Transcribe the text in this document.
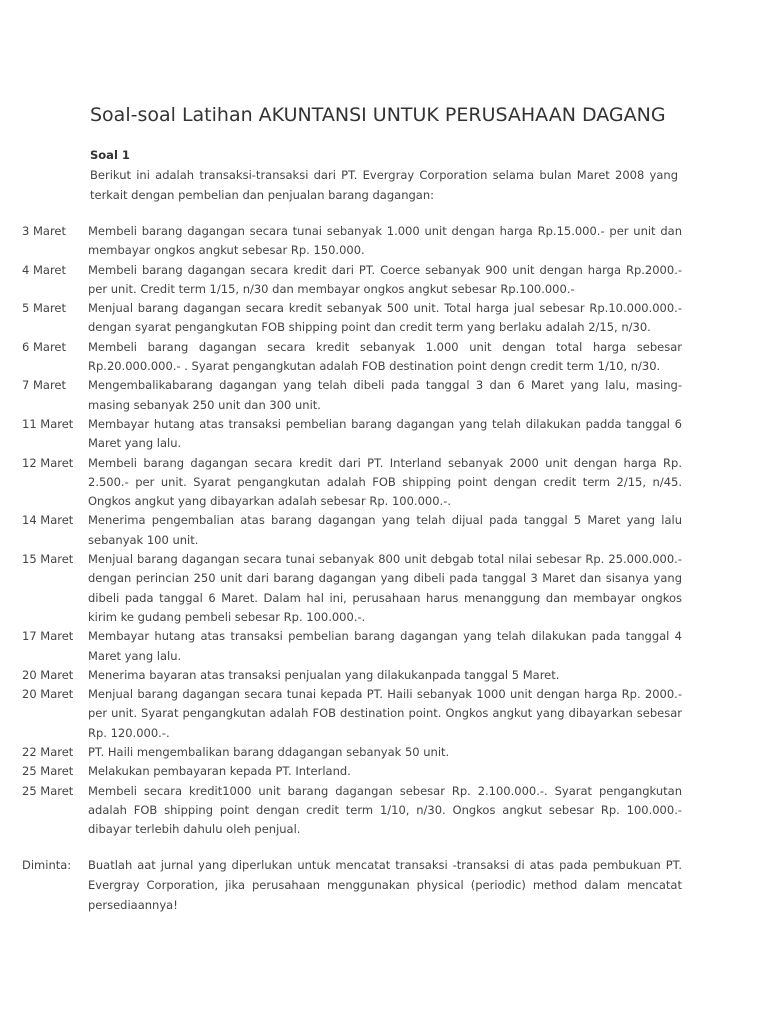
Soal-soal Latihan AKUNTANSI UNTUK PERUSAHAAN DAGANG
Soal 1
Berikut ini adalah transaksi-transaksi dari PT. Evergray Corporation selama bulan Maret 2008 yang terkait dengan pembelian dan penjualan barang dagangan:
3 Maret	Membeli barang dagangan secara tunai sebanyak 1.000 unit dengan harga Rp.15.000.- per unit dan membayar ongkos angkut sebesar Rp. 150.000.
4 Maret	Membeli barang dagangan secara kredit dari PT. Coerce sebanyak 900 unit dengan harga Rp.2000.- per unit. Credit term 1/15, n/30 dan membayar ongkos angkut sebesar Rp.100.000.-
5 Maret	Menjual barang dagangan secara kredit sebanyak 500 unit. Total harga jual sebesar Rp.10.000.000.- dengan syarat pengangkutan FOB shipping point dan credit term yang berlaku adalah 2/15, n/30.
6 Maret	Membeli barang dagangan secara kredit sebanyak 1.000 unit dengan total harga sebesar Rp.20.000.000.- . Syarat pengangkutan adalah FOB destination point dengn credit term 1/10, n/30.
7 Maret	Mengembalikabarang dagangan yang telah dibeli pada tanggal 3 dan 6 Maret yang lalu, masing-masing sebanyak 250 unit dan 300 unit.
11 Maret	Membayar hutang atas transaksi pembelian barang dagangan yang telah dilakukan padda tanggal 6 Maret yang lalu.
12 Maret	Membeli barang dagangan secara kredit dari PT. Interland sebanyak 2000 unit dengan harga Rp. 2.500.- per unit. Syarat pengangkutan adalah FOB shipping point dengan credit term 2/15, n/45. Ongkos angkut yang dibayarkan adalah sebesar Rp. 100.000.-.
14 Maret	Menerima pengembalian atas barang dagangan yang telah dijual pada tanggal 5 Maret yang lalu sebanyak 100 unit.
15 Maret	Menjual barang dagangan secara tunai sebanyak 800 unit debgab total nilai sebesar Rp. 25.000.000.- dengan perincian 250 unit dari barang dagangan yang dibeli pada tanggal 3 Maret dan sisanya yang dibeli pada tanggal 6 Maret. Dalam hal ini, perusahaan harus menanggung dan membayar ongkos kirim ke gudang pembeli sebesar Rp. 100.000.-.
17 Maret	Membayar hutang atas transaksi pembelian barang dagangan yang telah dilakukan pada tanggal 4 Maret yang lalu.
20 Maret	Menerima bayaran atas transaksi penjualan yang dilakukanpada tanggal 5 Maret.
20 Maret	Menjual barang dagangan secara tunai kepada PT. Haili sebanyak 1000 unit dengan harga Rp. 2000.- per unit. Syarat pengangkutan adalah FOB destination point. Ongkos angkut yang dibayarkan sebesar Rp. 120.000.-.
22 Maret	PT. Haili mengembalikan barang ddagangan sebanyak 50 unit.
25 Maret	Melakukan pembayaran kepada PT. Interland.
25 Maret	Membeli secara kredit1000 unit barang dagangan sebesar Rp. 2.100.000.-. Syarat pengangkutan adalah FOB shipping point dengan credit term 1/10, n/30. Ongkos angkut sebesar Rp. 100.000.- dibayar terlebih dahulu oleh penjual.
Diminta:	Buatlah aat jurnal yang diperlukan untuk mencatat transaksi -transaksi di atas pada pembukuan PT. Evergray Corporation, jika perusahaan menggunakan physical (periodic) method dalam mencatat persediaannya!
